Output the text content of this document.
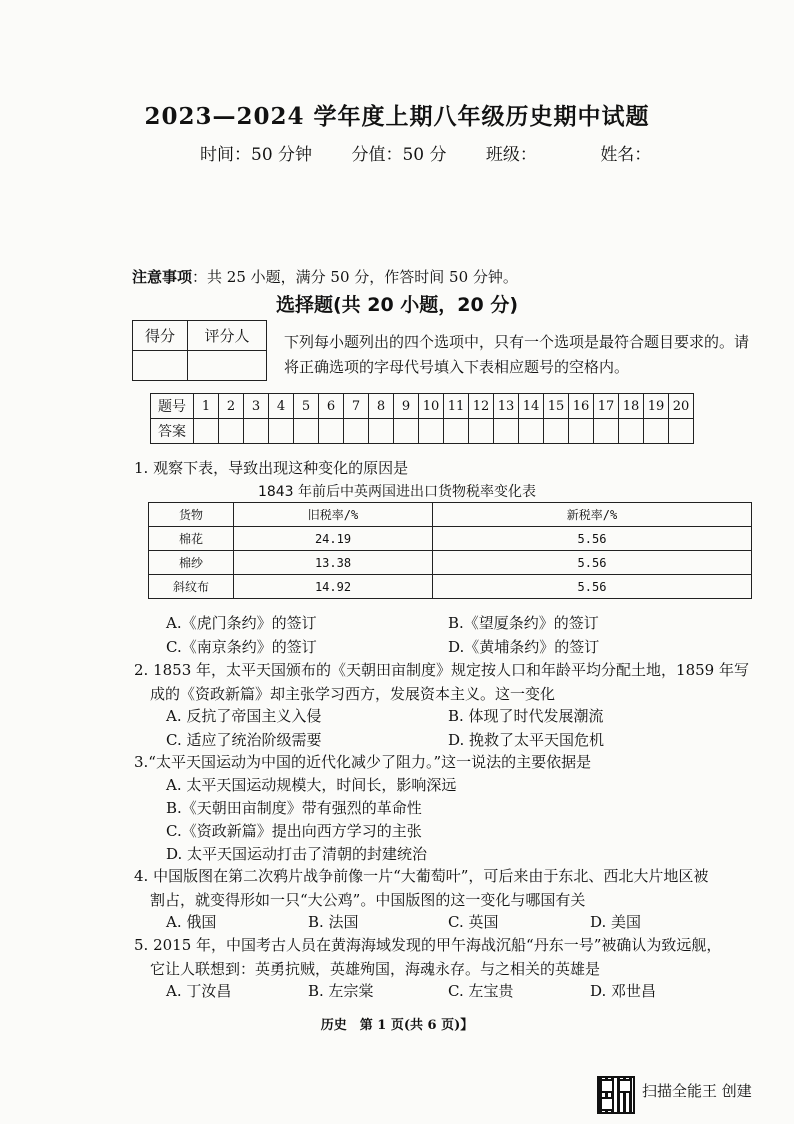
2023—2024 学年度上期八年级历史期中试题
时间：50 分钟 分值：50 分 班级：	姓名：
注意事项：共 25 小题，满分 50 分，作答时间 50 分钟。
选择题(共 20 小题，20 分)
得分	评分人
	下列每小题列出的四个选项中，只有一个选项是最符合题目要求的。请将正确选项的字母代号填入下表相应题号的空格内。
题号	1	2	3	4	5	6	7	8	9	10	11	12	13	14	15	16	17	18	19	20
答案																				
1. 观察下表，导致出现这种变化的原因是
1843 年前后中英两国进出口货物税率变化表
货物	旧税率/%	新税率/%
棉花	24.19	5.56
棉纱	13.38	5.56
斜纹布	14.92	5.56
A.《虎门条约》的签订	B.《望厦条约》的签订
C.《南京条约》的签订	D.《黄埔条约》的签订
2. 1853 年，太平天国颁布的《天朝田亩制度》规定按人口和年龄平均分配土地，1859 年写
成的《资政新篇》却主张学习西方，发展资本主义。这一变化
A. 反抗了帝国主义入侵	B. 体现了时代发展潮流
C. 适应了统治阶级需要	D. 挽救了太平天国危机
3.“太平天国运动为中国的近代化减少了阻力。”这一说法的主要依据是
A. 太平天国运动规模大，时间长，影响深远
B.《天朝田亩制度》带有强烈的革命性
C.《资政新篇》提出向西方学习的主张
D. 太平天国运动打击了清朝的封建统治
4. 中国版图在第二次鸦片战争前像一片“大葡萄叶”，可后来由于东北、西北大片地区被
割占，就变得形如一只“大公鸡”。中国版图的这一变化与哪国有关
A. 俄国	B. 法国	C. 英国	D. 美国
5. 2015 年，中国考古人员在黄海海域发现的甲午海战沉船“丹东一号”被确认为致远舰，
它让人联想到：英勇抗贼，英雄殉国，海魂永存。与之相关的英雄是
A. 丁汝昌	B. 左宗棠	C. 左宝贵	D. 邓世昌
历史　第 1 页(共 6 页)】
扫描全能王 创建
